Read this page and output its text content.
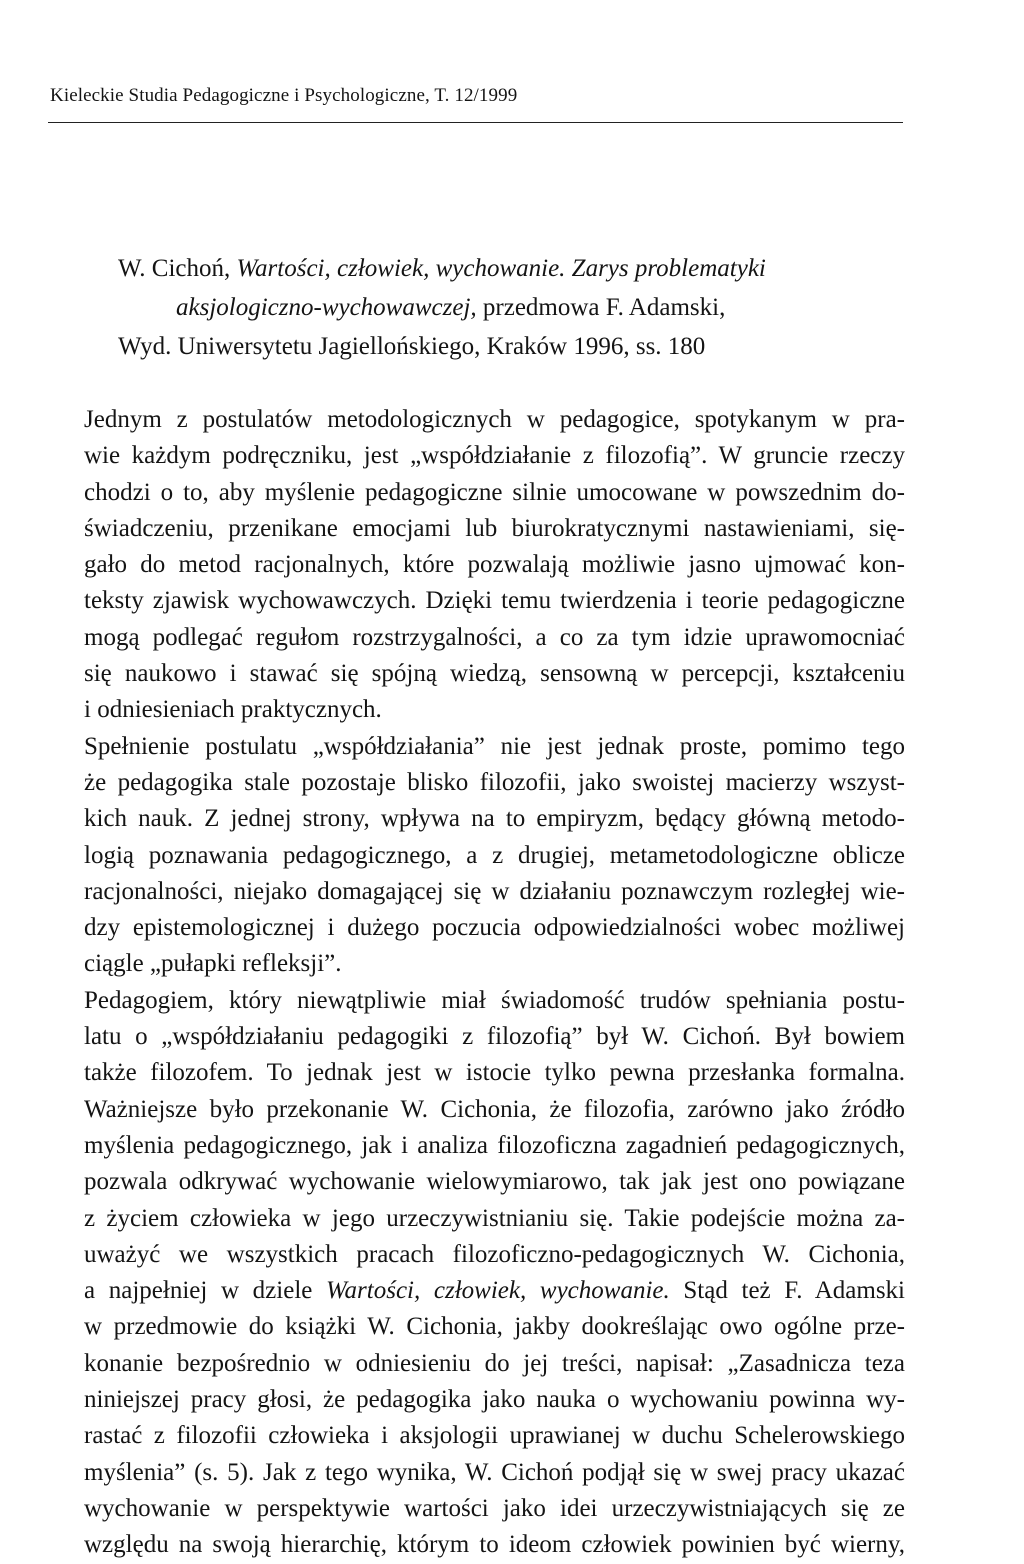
Kieleckie Studia Pedagogiczne i Psychologiczne, T. 12/1999
W. Cichoń, Wartości, człowiek, wychowanie. Zarys problematyki
aksjologiczno-wychowawczej, przedmowa F. Adamski,
Wyd. Uniwersytetu Jagiellońskiego, Kraków 1996, ss. 180
Jednym z postulatów metodologicznych w pedagogice, spotykanym w pra-
wie każdym podręczniku, jest „współdziałanie z filozofią”. W gruncie rzeczy
chodzi o to, aby myślenie pedagogiczne silnie umocowane w powszednim do-
świadczeniu, przenikane emocjami lub biurokratycznymi nastawieniami, się-
gało do metod racjonalnych, które pozwalają możliwie jasno ujmować kon-
teksty zjawisk wychowawczych. Dzięki temu twierdzenia i teorie pedagogiczne
mogą podlegać regułom rozstrzygalności, a co za tym idzie uprawomocniać
się naukowo i stawać się spójną wiedzą, sensowną w percepcji, kształceniu
i odniesieniach praktycznych.
Spełnienie postulatu „współdziałania” nie jest jednak proste, pomimo tego
że pedagogika stale pozostaje blisko filozofii, jako swoistej macierzy wszyst-
kich nauk. Z jednej strony, wpływa na to empiryzm, będący główną metodo-
logią poznawania pedagogicznego, a z drugiej, metametodologiczne oblicze
racjonalności, niejako domagającej się w działaniu poznawczym rozległej wie-
dzy epistemologicznej i dużego poczucia odpowiedzialności wobec możliwej
ciągle „pułapki refleksji”.
Pedagogiem, który niewątpliwie miał świadomość trudów spełniania postu-
latu o „współdziałaniu pedagogiki z filozofią” był W. Cichoń. Był bowiem
także filozofem. To jednak jest w istocie tylko pewna przesłanka formalna.
Ważniejsze było przekonanie W. Cichonia, że filozofia, zarówno jako źródło
myślenia pedagogicznego, jak i analiza filozoficzna zagadnień pedagogicznych,
pozwala odkrywać wychowanie wielowymiarowo, tak jak jest ono powiązane
z życiem człowieka w jego urzeczywistnianiu się. Takie podejście można za-
uważyć we wszystkich pracach filozoficzno-pedagogicznych W. Cichonia,
a najpełniej w dziele Wartości, człowiek, wychowanie. Stąd też F. Adamski
w przedmowie do książki W. Cichonia, jakby dookreślając owo ogólne prze-
konanie bezpośrednio w odniesieniu do jej treści, napisał: „Zasadnicza teza
niniejszej pracy głosi, że pedagogika jako nauka o wychowaniu powinna wy-
rastać z filozofii człowieka i aksjologii uprawianej w duchu Schelerowskiego
myślenia” (s. 5). Jak z tego wynika, W. Cichoń podjął się w swej pracy ukazać
wychowanie w perspektywie wartości jako idei urzeczywistniających się ze
względu na swoją hierarchię, którym to ideom człowiek powinien być wierny,
